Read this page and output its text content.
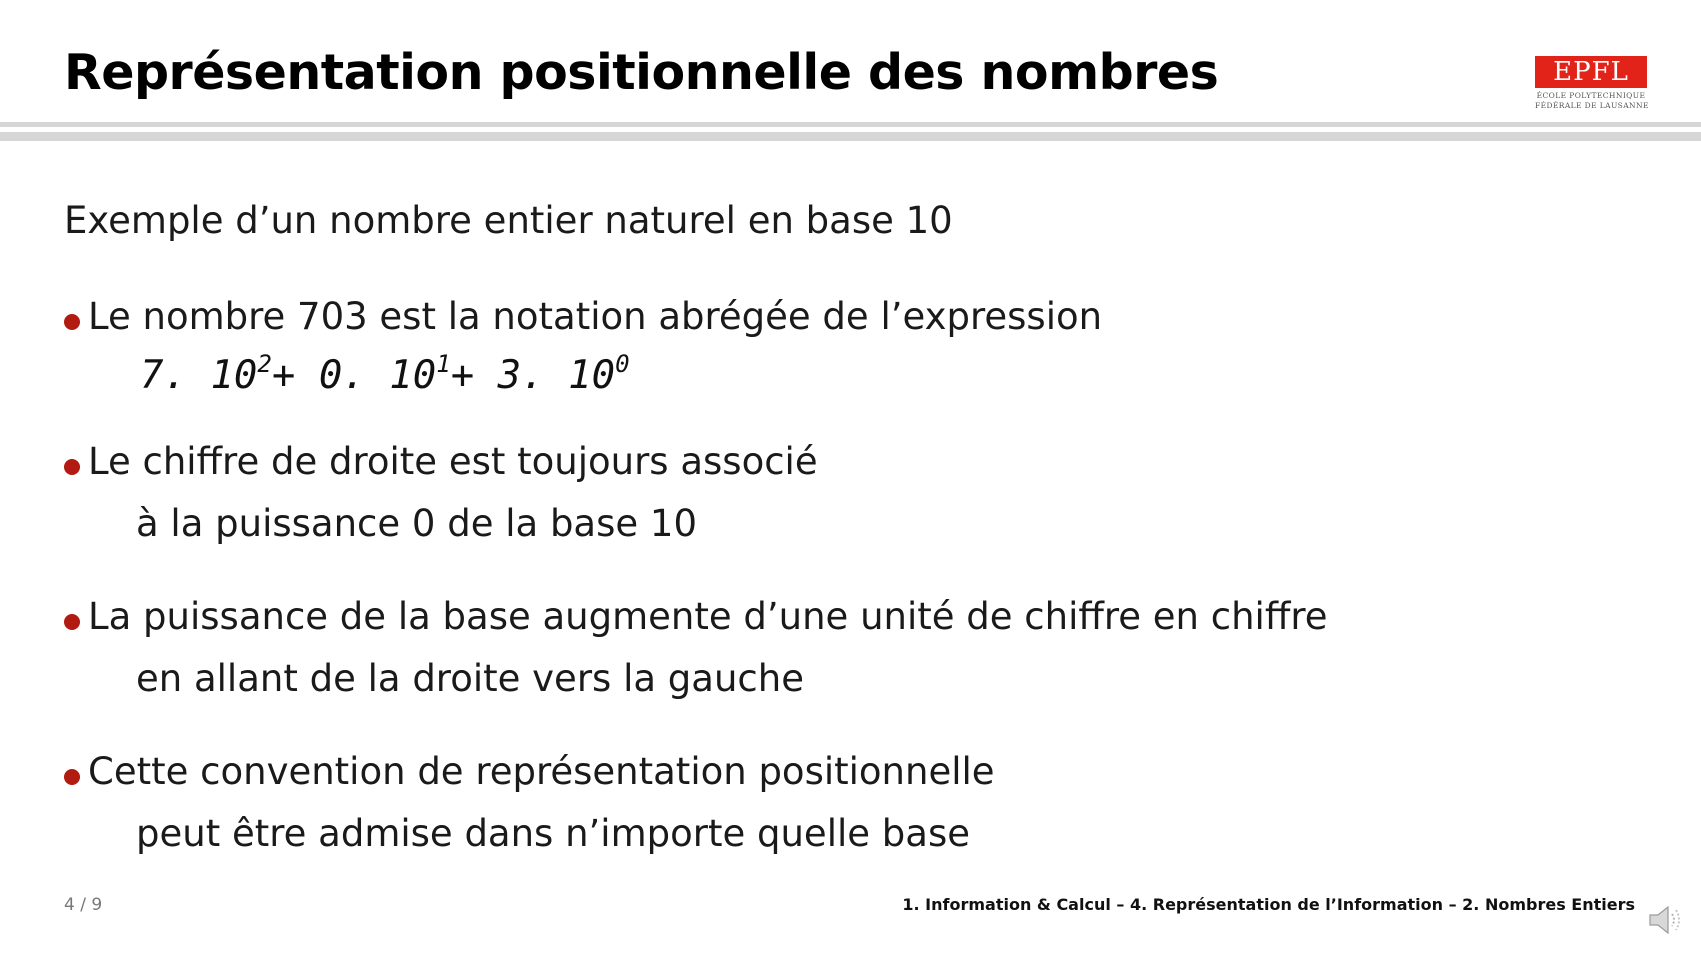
Représentation positionnelle des nombres	EPFL
ÉCOLE POLYTECHNIQUE
FÉDÉRALE DE LAUSANNE
Exemple d’un nombre entier naturel en base 10
Le nombre 703 est la notation abrégée de l’expression
7. $10^2+ 0$. $10^1+ 3$. $10^0$
Le chiffre de droite est toujours associé
à la puissance 0 de la base 10
La puissance de la base augmente d’une unité de chiffre en chiffre
en allant de la droite vers la gauche
Cette convention de représentation positionnelle
peut être admise dans n’importe quelle base
4 / 9	1. Information & Calcul – 4. Représentation de l’Information – 2. Nombres Entiers
